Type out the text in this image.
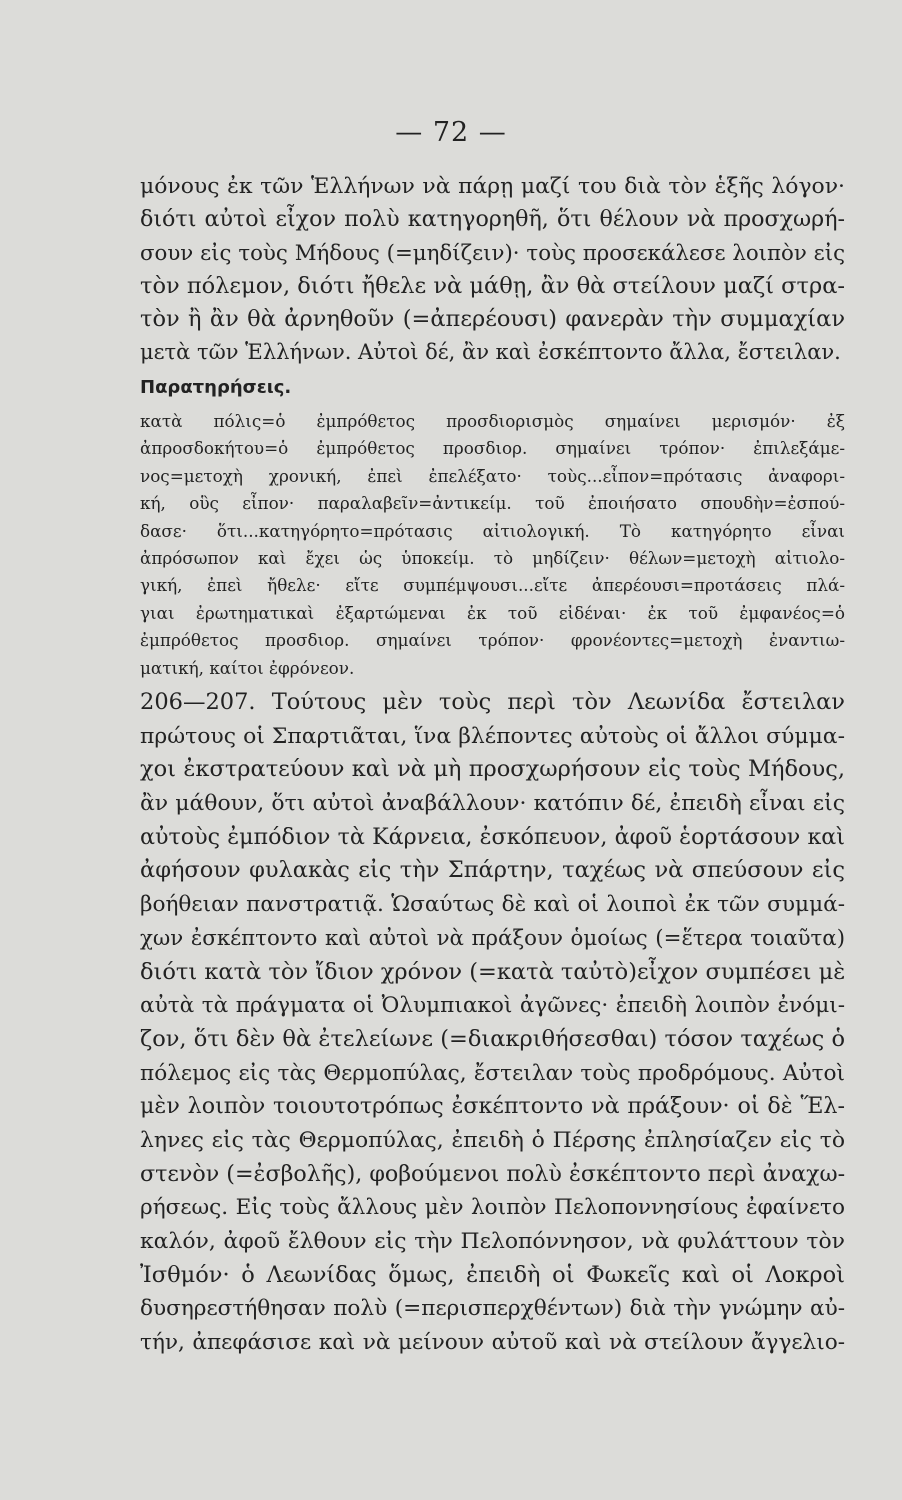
— 72 —
μόνους ἐκ τῶν Ἑλλήνων νὰ πάρῃ μαζί του διὰ τὸν ἑξῆς λόγον·
διότι αὐτοὶ εἶχον πολὺ κατηγορηθῆ, ὅτι θέλουν νὰ προσχωρή-
σουν εἰς τοὺς Μήδους (=μηδίζειν)· τοὺς προσεκάλεσε λοιπὸν εἰς
τὸν πόλεμον, διότι ἤθελε νὰ μάθῃ, ἂν θὰ στείλουν μαζί στρα-
τὸν ἢ ἂν θὰ ἀρνηθοῦν (=ἀπερέουσι) φανερὰν τὴν συμμαχίαν
μετὰ τῶν Ἑλλήνων. Αὐτοὶ δέ, ἂν καὶ ἐσκέπτοντο ἄλλα, ἔστειλαν.
Παρατηρήσεις.
κατὰ πόλις=ὁ ἐμπρόθετος προσδιορισμὸς σημαίνει μερισμόν· ἐξ
ἀπροσδοκήτου=ὁ ἐμπρόθετος προσδιορ. σημαίνει τρόπον· ἐπιλεξάμε-
νος=μετοχὴ χρονική, ἐπεὶ ἐπελέξατο· τοὺς...εἶπον=πρότασις ἀναφορι-
κή, οὓς εἶπον· παραλαβεῖν=ἀντικείμ. τοῦ ἐποιήσατο σπουδὴν=ἐσπού-
δασε· ὅτι...κατηγόρητο=πρότασις αἰτιολογική. Τὸ κατηγόρητο εἶναι
ἀπρόσωπον καὶ ἔχει ὡς ὑποκείμ. τὸ μηδίζειν· θέλων=μετοχὴ αἰτιολο-
γική, ἐπεὶ ἤθελε· εἴτε συμπέμψουσι...εἴτε ἀπερέουσι=προτάσεις πλά-
γιαι ἐρωτηματικαὶ ἐξαρτώμεναι ἐκ τοῦ εἰδέναι· ἐκ τοῦ ἐμφανέος=ὁ
ἐμπρόθετος προσδιορ. σημαίνει τρόπον· φρονέοντες=μετοχὴ ἐναντιω-
ματική, καίτοι ἐφρόνεον.
206—207. Τούτους μὲν τοὺς περὶ τὸν Λεωνίδα ἔστειλαν
πρώτους οἱ Σπαρτιᾶται, ἵνα βλέποντες αὐτοὺς οἱ ἄλλοι σύμμα-
χοι ἐκστρατεύουν καὶ νὰ μὴ προσχωρήσουν εἰς τοὺς Μήδους,
ἂν μάθουν, ὅτι αὐτοὶ ἀναβάλλουν· κατόπιν δέ, ἐπειδὴ εἶναι εἰς
αὐτοὺς ἐμπόδιον τὰ Κάρνεια, ἐσκόπευον, ἀφοῦ ἑορτάσουν καὶ
ἀφήσουν φυλακὰς εἰς τὴν Σπάρτην, ταχέως νὰ σπεύσουν εἰς
βοήθειαν πανστρατιᾷ. Ὡσαύτως δὲ καὶ οἱ λοιποὶ ἐκ τῶν συμμά-
χων ἐσκέπτοντο καὶ αὐτοὶ νὰ πράξουν ὁμοίως (=ἕτερα τοιαῦτα)
διότι κατὰ τὸν ἴδιον χρόνον (=κατὰ ταὐτὸ)εἶχον συμπέσει μὲ
αὐτὰ τὰ πράγματα οἱ Ὀλυμπιακοὶ ἀγῶνες· ἐπειδὴ λοιπὸν ἐνόμι-
ζον, ὅτι δὲν θὰ ἐτελείωνε (=διακριθήσεσθαι) τόσον ταχέως ὁ
πόλεμος εἰς τὰς Θερμοπύλας, ἔστειλαν τοὺς προδρόμους. Αὐτοὶ
μὲν λοιπὸν τοιουτοτρόπως ἐσκέπτοντο νὰ πράξουν· οἱ δὲ Ἕλ-
ληνες εἰς τὰς Θερμοπύλας, ἐπειδὴ ὁ Πέρσης ἐπλησίαζεν εἰς τὸ
στενὸν (=ἐσβολῆς), φοβούμενοι πολὺ ἐσκέπτοντο περὶ ἀναχω-
ρήσεως. Εἰς τοὺς ἄλλους μὲν λοιπὸν Πελοποννησίους ἐφαίνετο
καλόν, ἀφοῦ ἔλθουν εἰς τὴν Πελοπόννησον, νὰ φυλάττουν τὸν
Ἰσθμόν· ὁ Λεωνίδας ὅμως, ἐπειδὴ οἱ Φωκεῖς καὶ οἱ Λοκροὶ
δυσηρεστήθησαν πολὺ (=περισπερχθέντων) διὰ τὴν γνώμην αὐ-
τήν, ἀπεφάσισε καὶ νὰ μείνουν αὐτοῦ καὶ νὰ στείλουν ἄγγελιο-
